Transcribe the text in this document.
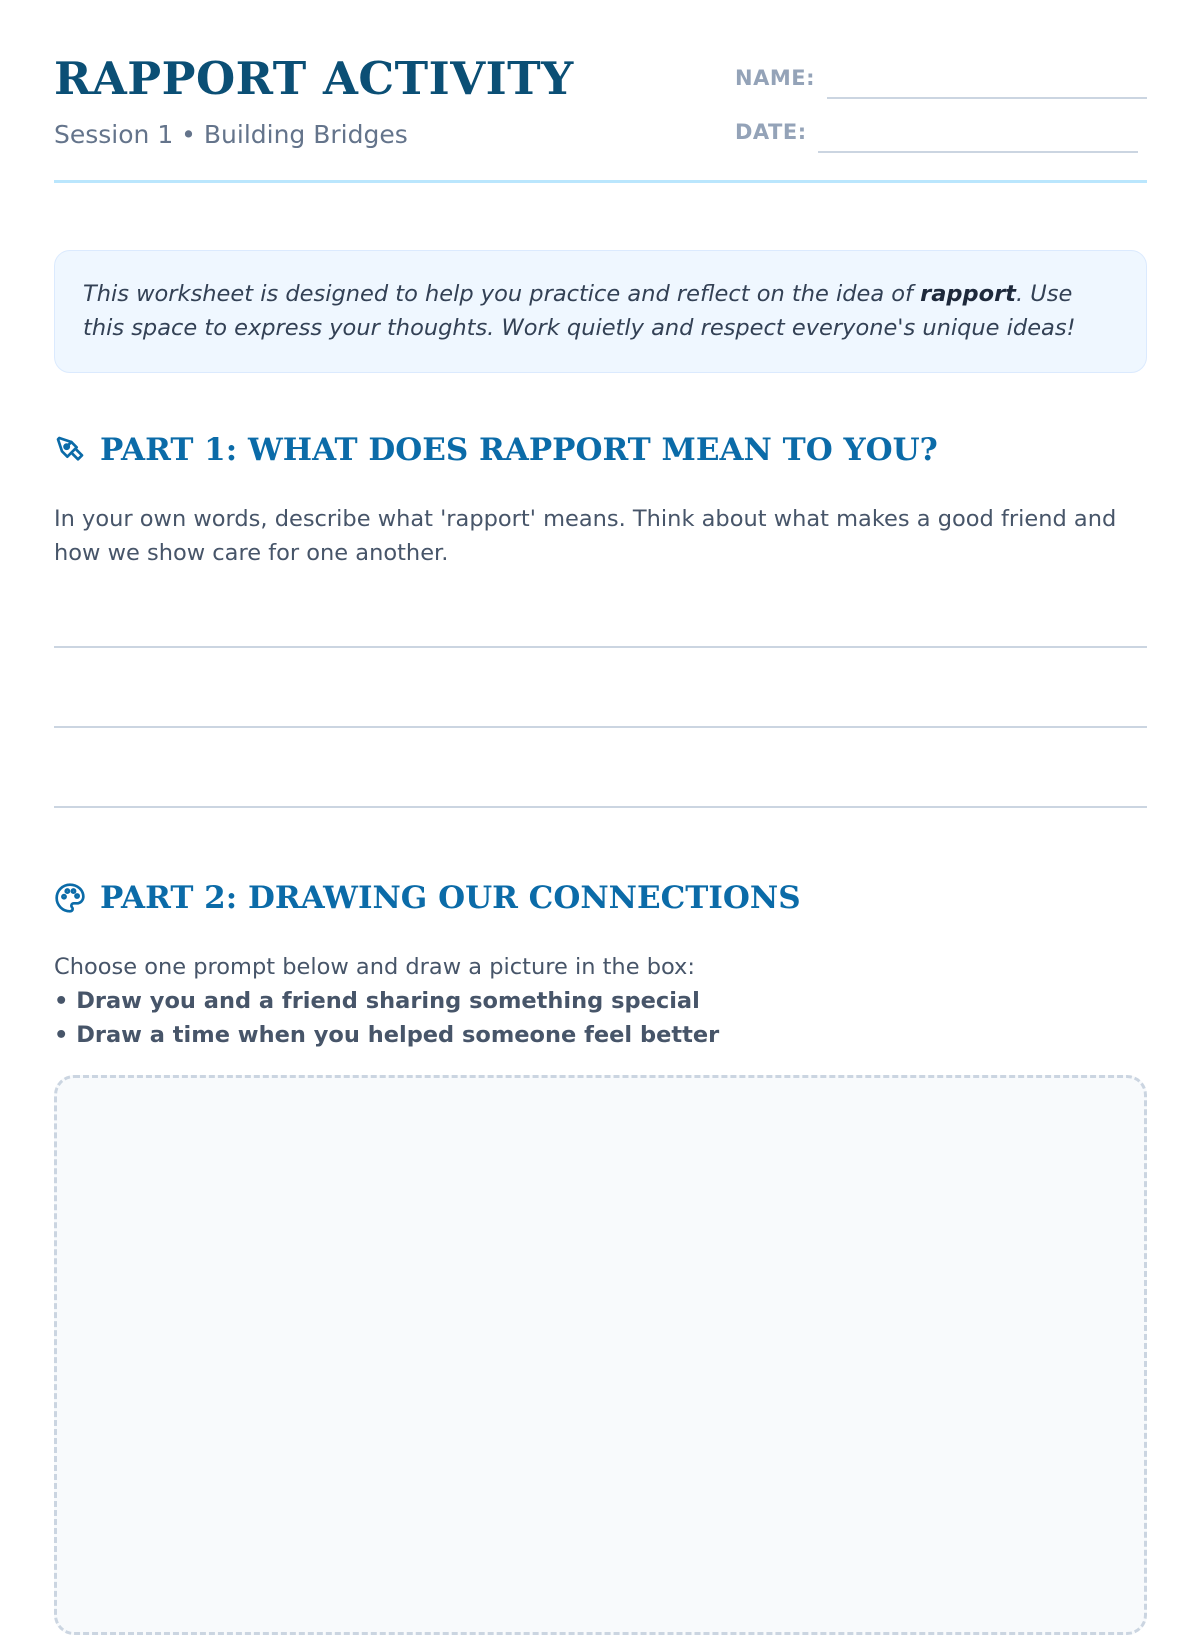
RAPPORT ACTIVITY
Session 1 • Building Bridges
NAME:
DATE:
This worksheet is designed to help you practice and reflect on the idea of rapport. Use this space to express your thoughts. Work quietly and respect everyone's unique ideas!
PART 1: WHAT DOES RAPPORT MEAN TO YOU?
In your own words, describe what 'rapport' means. Think about what makes a good friend and how we show care for one another.
PART 2: DRAWING OUR CONNECTIONS
Choose one prompt below and draw a picture in the box:
• Draw you and a friend sharing something special
• Draw a time when you helped someone feel better
